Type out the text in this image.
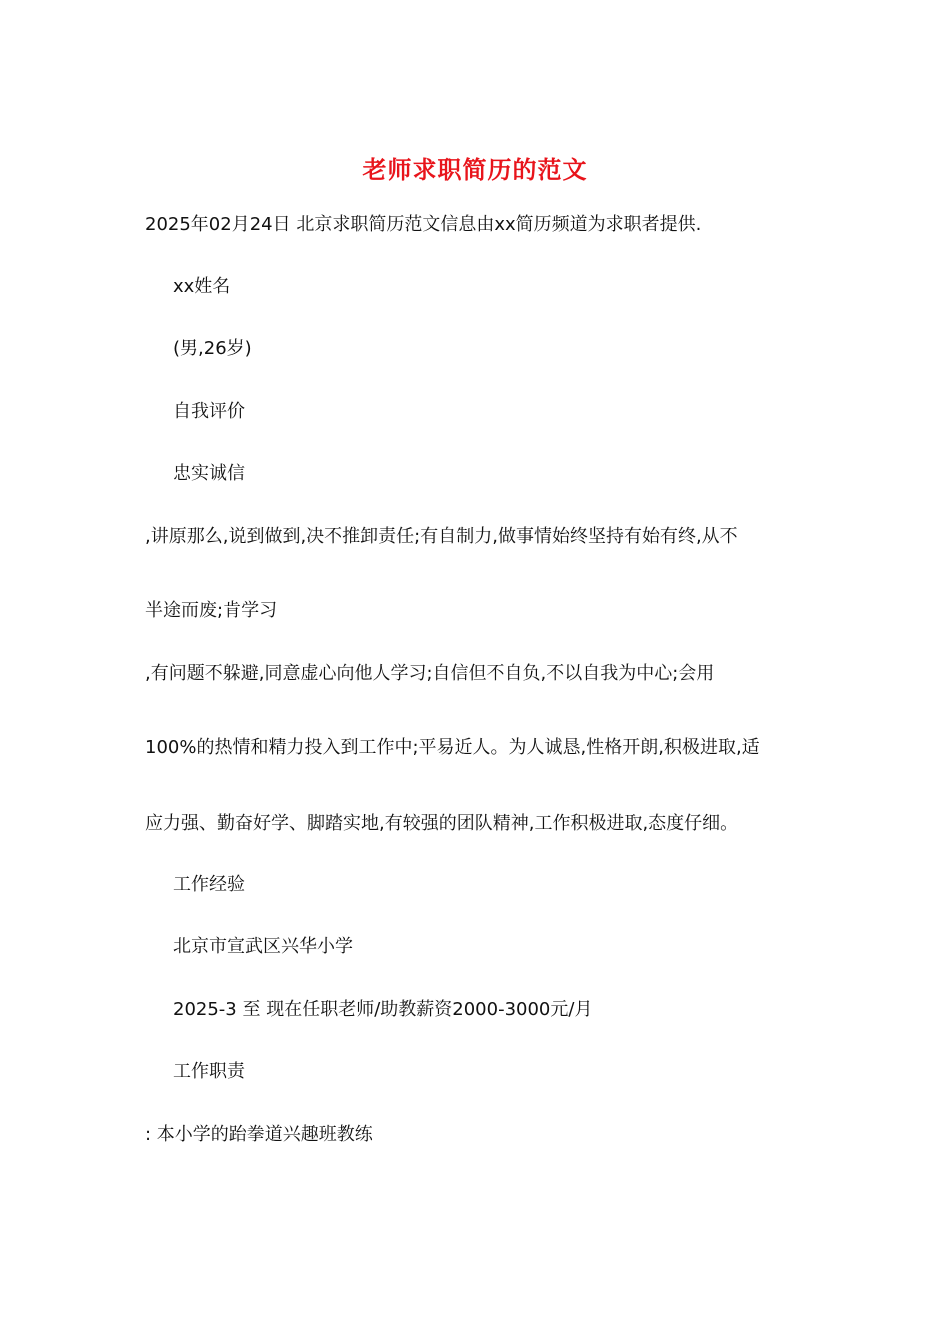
老师求职简历的范文
2025年02月24日 北京求职简历范文信息由xx简历频道为求职者提供.
xx姓名
(男,26岁)
自我评价
忠实诚信
,讲原那么,说到做到,决不推卸责任;有自制力,做事情始终坚持有始有终,从不
半途而废;肯学习
,有问题不躲避,同意虚心向他人学习;自信但不自负,不以自我为中心;会用
100%的热情和精力投入到工作中;平易近人。为人诚恳,性格开朗,积极进取,适
应力强、勤奋好学、脚踏实地,有较强的团队精神,工作积极进取,态度仔细。
工作经验
北京市宣武区兴华小学
2025-3 至 现在任职老师/助教薪资2000-3000元/月
工作职责
: 本小学的跆拳道兴趣班教练
